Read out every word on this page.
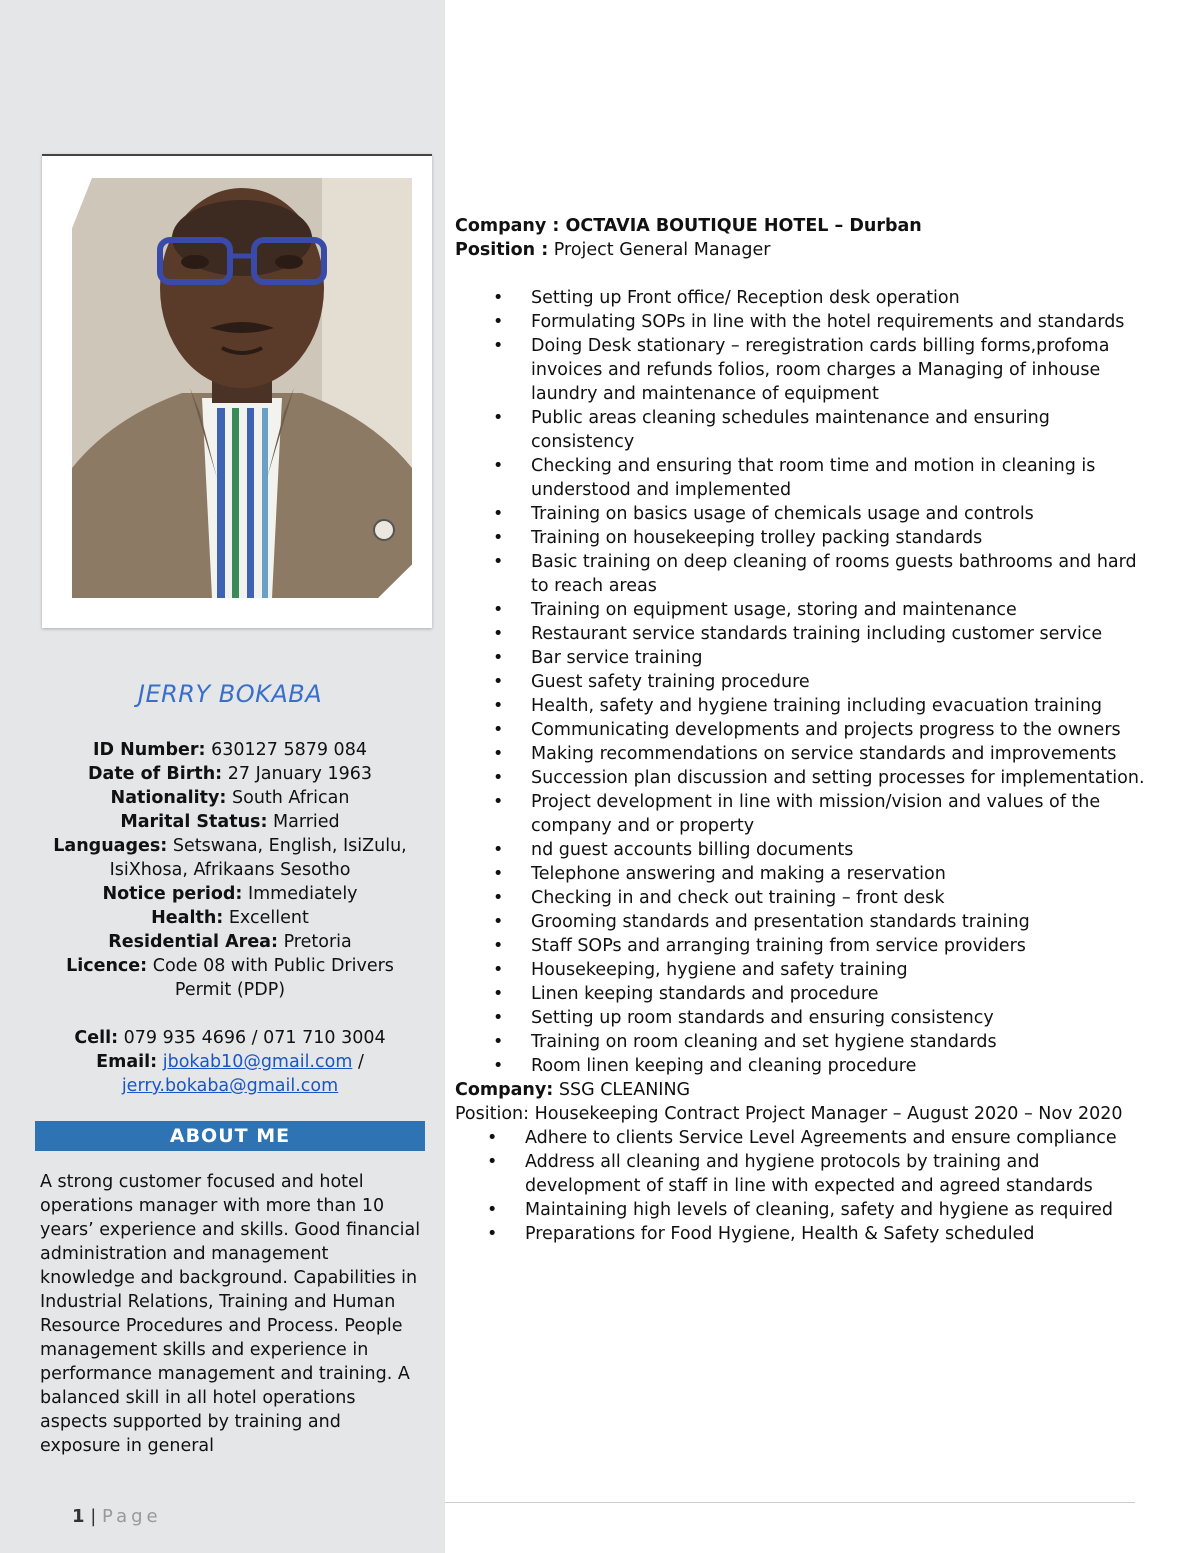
JERRY BOKABA
ID Number: 630127 5879 084
Date of Birth: 27 January 1963
Nationality: South African
Marital Status: Married
Languages: Setswana, English, IsiZulu, IsiXhosa, Afrikaans Sesotho
Notice period: Immediately
Health: Excellent
Residential Area: Pretoria
Licence: Code 08 with Public Drivers Permit (PDP)
Cell: 079 935 4696 / 071 710 3004
Email: jbokab10@gmail.com / jerry.bokaba@gmail.com
ABOUT ME
A strong customer focused and hotel operations manager with more than 10 years’ experience and skills. Good financial administration and management knowledge and background. Capabilities in Industrial Relations, Training and Human Resource Procedures and Process. People management skills and experience in performance management and training. A balanced skill in all hotel operations aspects supported by training and exposure in general
1 | Page
Company : OCTAVIA BOUTIQUE HOTEL – Durban
Position : Project General Manager
• Setting up Front office/ Reception desk operation
• Formulating SOPs in line with the hotel requirements and standards
• Doing Desk stationary – reregistration cards billing forms,profoma invoices and refunds folios, room charges a Managing of inhouse laundry and maintenance of equipment
• Public areas cleaning schedules maintenance and ensuring consistency
• Checking and ensuring that room time and motion in cleaning is understood and implemented
• Training on basics usage of chemicals usage and controls
• Training on housekeeping trolley packing standards
• Basic training on deep cleaning of rooms guests bathrooms and hard to reach areas
• Training on equipment usage, storing and maintenance
• Restaurant service standards training including customer service
• Bar service training
• Guest safety training procedure
• Health, safety and hygiene training including evacuation training
• Communicating developments and projects progress to the owners
• Making recommendations on service standards and improvements
• Succession plan discussion and setting processes for implementation.
• Project development in line with mission/vision and values of the company and or property
• nd guest accounts billing documents
• Telephone answering and making a reservation
• Checking in and check out training – front desk
• Grooming standards and presentation standards training
• Staff SOPs and arranging training from service providers
• Housekeeping, hygiene and safety training
• Linen keeping standards and procedure
• Setting up room standards and ensuring consistency
• Training on room cleaning and set hygiene standards
• Room linen keeping and cleaning procedure
Company: SSG CLEANING
Position: Housekeeping Contract Project Manager – August 2020 – Nov 2020
• Adhere to clients Service Level Agreements and ensure compliance
• Address all cleaning and hygiene protocols by training and development of staff in line with expected and agreed standards
• Maintaining high levels of cleaning, safety and hygiene as required
• Preparations for Food Hygiene, Health & Safety scheduled
